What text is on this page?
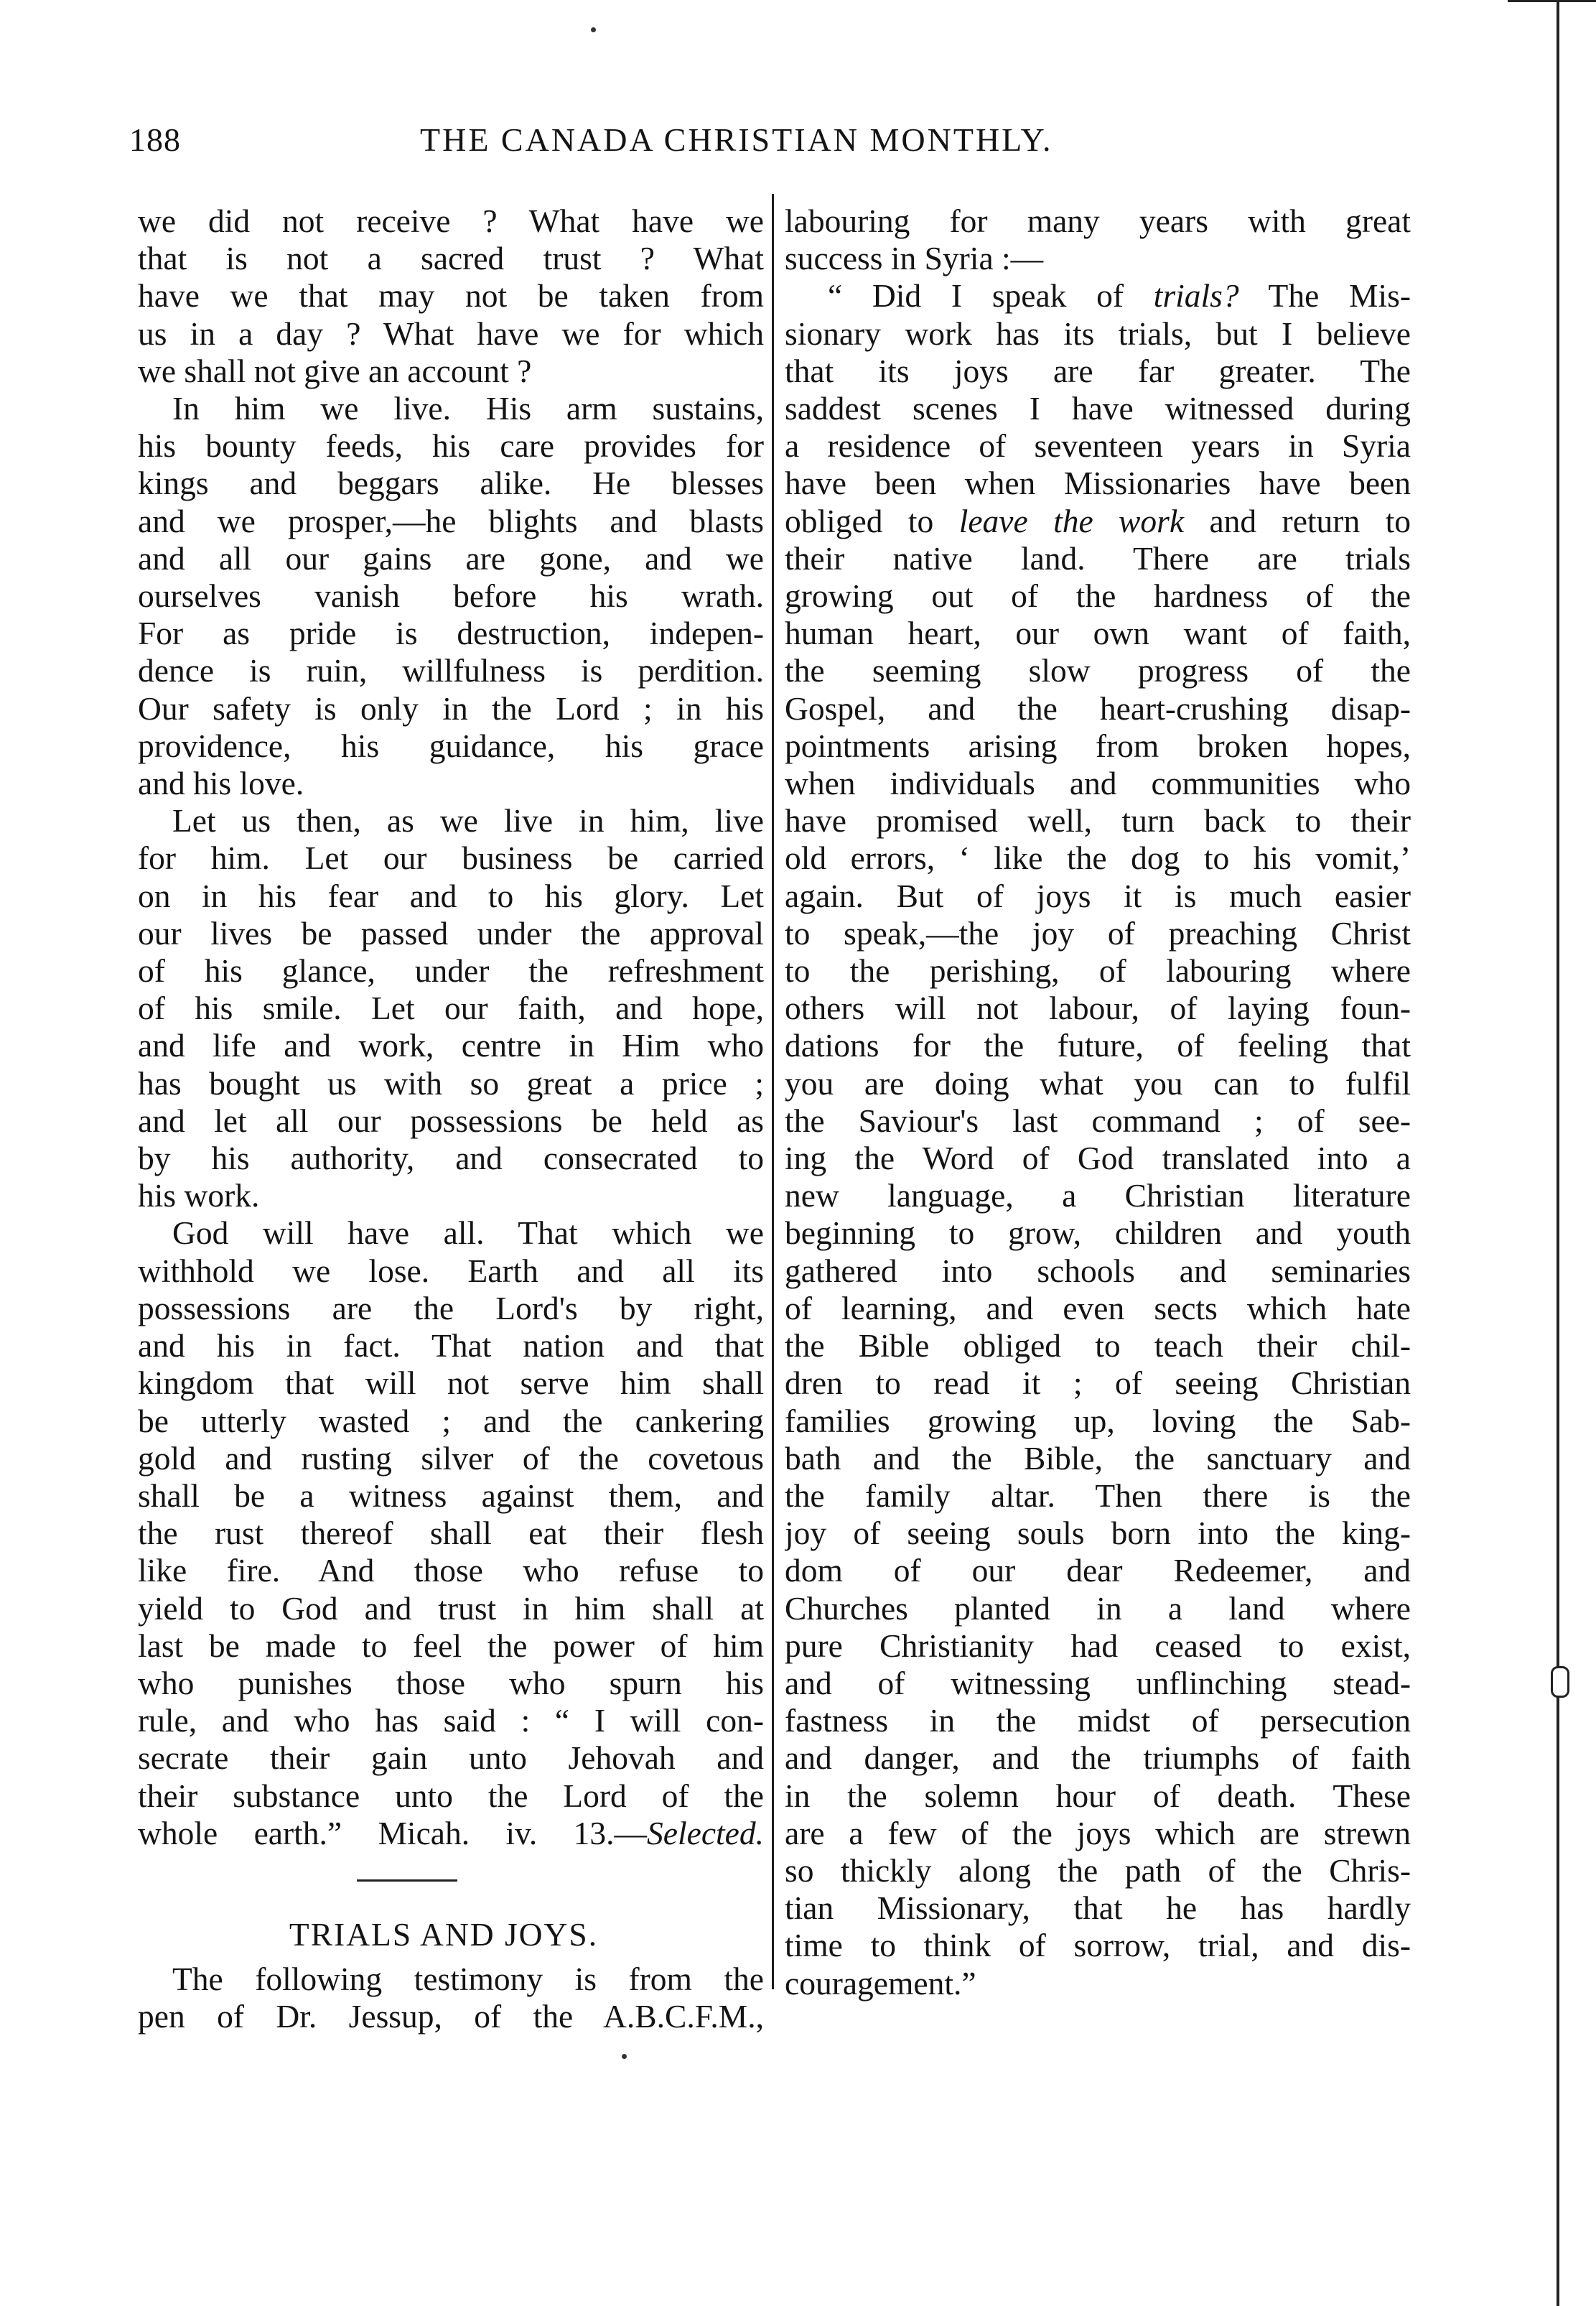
188	THE CANADA CHRISTIAN MONTHLY.
we did not receive ? What have we
that is not a sacred trust ? What
have we that may not be taken from
us in a day ? What have we for which
we shall not give an account ?
In him we live. His arm sustains,
his bounty feeds, his care provides for
kings and beggars alike. He blesses
and we prosper,—he blights and blasts
and all our gains are gone, and we
ourselves vanish before his wrath.
For as pride is destruction, indepen-
dence is ruin, willfulness is perdition.
Our safety is only in the Lord ; in his
providence, his guidance, his grace
and his love.
Let us then, as we live in him, live
for him. Let our business be carried
on in his fear and to his glory. Let
our lives be passed under the approval
of his glance, under the refreshment
of his smile. Let our faith, and hope,
and life and work, centre in Him who
has bought us with so great a price ;
and let all our possessions be held as
by his authority, and consecrated to
his work.
God will have all. That which we
withhold we lose. Earth and all its
possessions are the Lord's by right,
and his in fact. That nation and that
kingdom that will not serve him shall
be utterly wasted ; and the cankering
gold and rusting silver of the covetous
shall be a witness against them, and
the rust thereof shall eat their flesh
like fire. And those who refuse to
yield to God and trust in him shall at
last be made to feel the power of him
who punishes those who spurn his
rule, and who has said : “ I will con-
secrate their gain unto Jehovah and
their substance unto the Lord of the
whole earth.” Micah. iv. 13.—Selected.
TRIALS AND JOYS.
The following testimony is from the
pen of Dr. Jessup, of the A.B.C.F.M.,
labouring for many years with great
success in Syria :—
“ Did I speak of trials? The Mis-
sionary work has its trials, but I believe
that its joys are far greater. The
saddest scenes I have witnessed during
a residence of seventeen years in Syria
have been when Missionaries have been
obliged to leave the work and return to
their native land. There are trials
growing out of the hardness of the
human heart, our own want of faith,
the seeming slow progress of the
Gospel, and the heart-crushing disap-
pointments arising from broken hopes,
when individuals and communities who
have promised well, turn back to their
old errors, ‘ like the dog to his vomit,’
again. But of joys it is much easier
to speak,—the joy of preaching Christ
to the perishing, of labouring where
others will not labour, of laying foun-
dations for the future, of feeling that
you are doing what you can to fulfil
the Saviour's last command ; of see-
ing the Word of God translated into a
new language, a Christian literature
beginning to grow, children and youth
gathered into schools and seminaries
of learning, and even sects which hate
the Bible obliged to teach their chil-
dren to read it ; of seeing Christian
families growing up, loving the Sab-
bath and the Bible, the sanctuary and
the family altar. Then there is the
joy of seeing souls born into the king-
dom of our dear Redeemer, and
Churches planted in a land where
pure Christianity had ceased to exist,
and of witnessing unflinching stead-
fastness in the midst of persecution
and danger, and the triumphs of faith
in the solemn hour of death. These
are a few of the joys which are strewn
so thickly along the path of the Chris-
tian Missionary, that he has hardly
time to think of sorrow, trial, and dis-
couragement.”
